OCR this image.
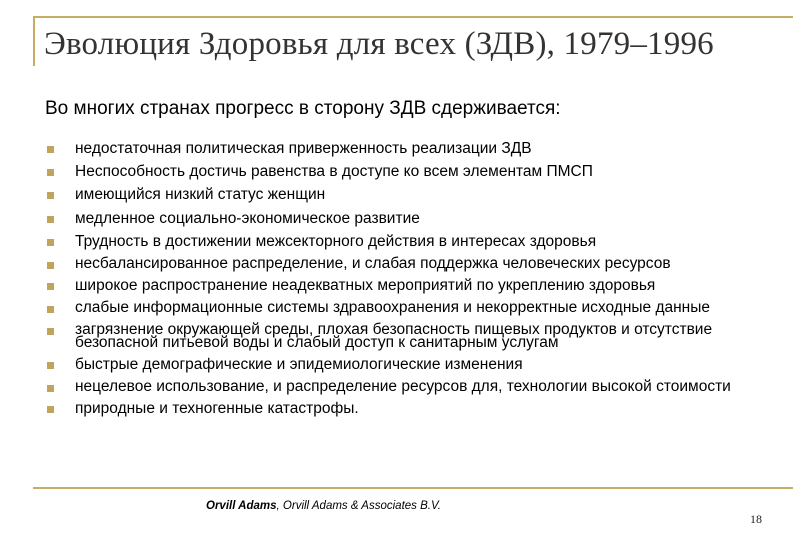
Эволюция Здоровья для всех (ЗДВ), 1979–1996
Во многих странах прогресс в сторону ЗДВ сдерживается:
недостаточная политическая приверженность реализации ЗДВ
Неспособность достичь равенства в доступе ко всем элементам ПМСП
имеющийся низкий статус женщин
медленное социально-экономическое развитие
Трудность в достижении межсекторного действия в интересах здоровья
несбалансированное распределение, и слабая поддержка человеческих ресурсов
широкое распространение неадекватных мероприятий по укреплению здоровья
слабые информационные системы здравоохранения и некорректные исходные данные
загрязнение окружающей среды, плохая безопасность пищевых продуктов и отсутствие безопасной питьевой воды и слабый доступ к санитарным услугам
быстрые демографические и эпидемиологические изменения
нецелевое использование, и распределение ресурсов для, технологии высокой стоимости
природные и техногенные катастрофы.
Orvill Adams, Orvill Adams & Associates B.V.
18
